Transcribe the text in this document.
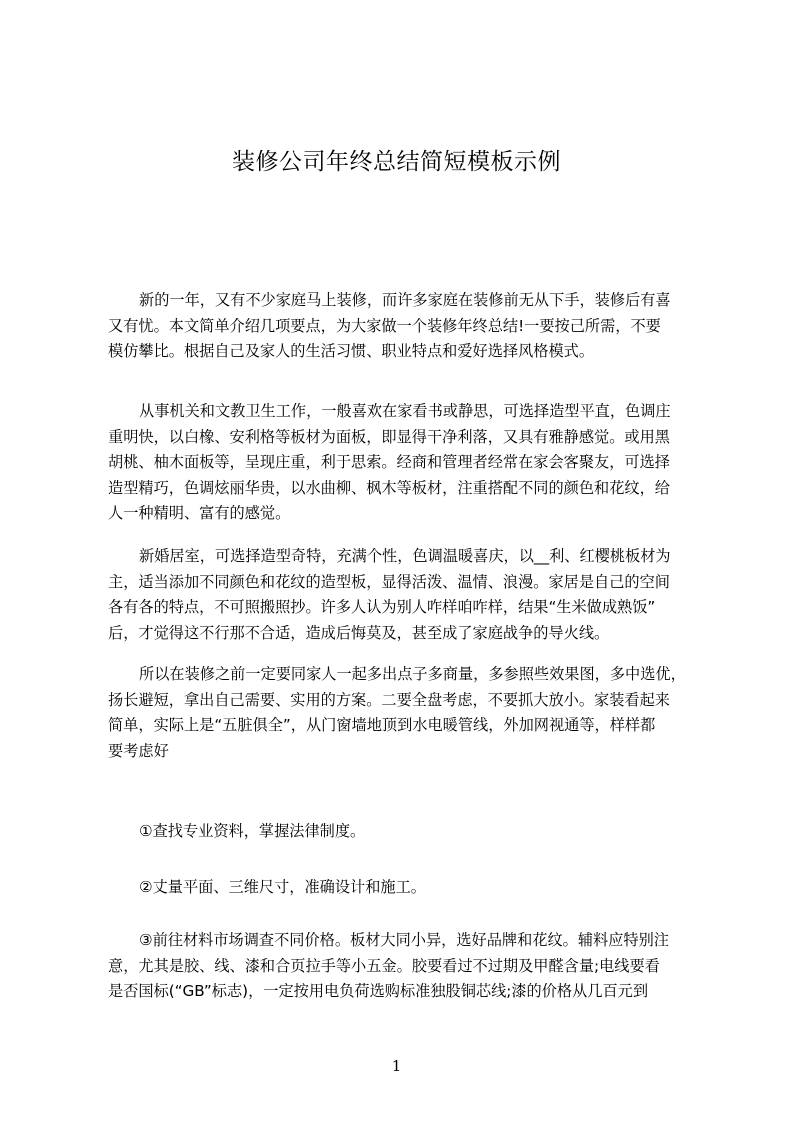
装修公司年终总结简短模板示例
新的一年，又有不少家庭马上装修，而许多家庭在装修前无从下手，装修后有喜
又有忧。本文简单介绍几项要点，为大家做一个装修年终总结!一要按己所需，不要
模仿攀比。根据自己及家人的生活习惯、职业特点和爱好选择风格模式。
从事机关和文教卫生工作，一般喜欢在家看书或静思，可选择造型平直，色调庄
重明快，以白橡、安利格等板材为面板，即显得干净利落，又具有雅静感觉。或用黑
胡桃、柚木面板等，呈现庄重，利于思索。经商和管理者经常在家会客聚友，可选择
造型精巧，色调炫丽华贵，以水曲柳、枫木等板材，注重搭配不同的颜色和花纹，给
人一种精明、富有的感觉。
新婚居室，可选择造型奇特，充满个性，色调温暖喜庆，以__利、红樱桃板材为
主，适当添加不同颜色和花纹的造型板，显得活泼、温情、浪漫。家居是自己的空间
各有各的特点，不可照搬照抄。许多人认为别人咋样咱咋样，结果“生米做成熟饭”
后，才觉得这不行那不合适，造成后悔莫及，甚至成了家庭战争的导火线。
所以在装修之前一定要同家人一起多出点子多商量，多参照些效果图，多中选优，
扬长避短，拿出自己需要、实用的方案。二要全盘考虑，不要抓大放小。家装看起来
简单，实际上是“五脏俱全”，从门窗墙地顶到水电暖管线，外加网视通等，样样都
要考虑好
①查找专业资料，掌握法律制度。
②丈量平面、三维尺寸，准确设计和施工。
③前往材料市场调查不同价格。板材大同小异，选好品牌和花纹。辅料应特别注
意，尤其是胶、线、漆和合页拉手等小五金。胶要看过不过期及甲醛含量;电线要看
是否国标(“GB”标志)，一定按用电负荷选购标准独股铜芯线;漆的价格从几百元到
1
